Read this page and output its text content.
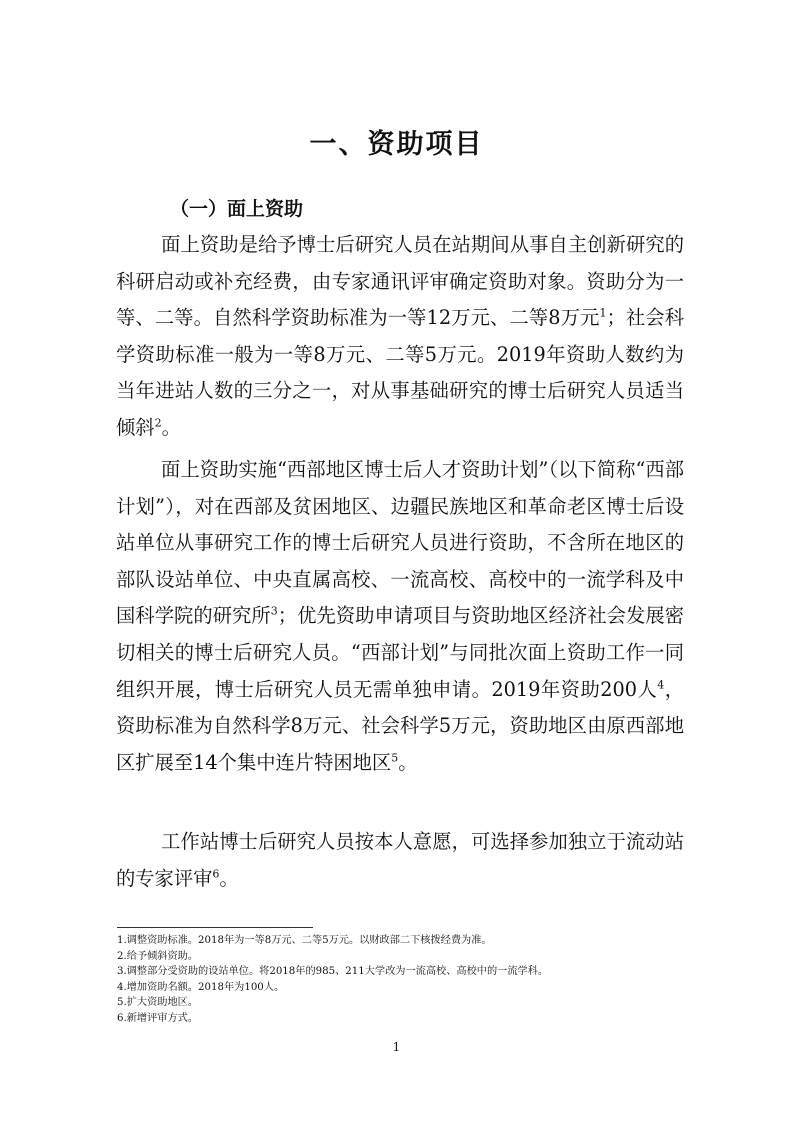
一、资助项目
（一）面上资助

面上资助是给予博士后研究人员在站期间从事自主创新研究的科研启动或补充经费，由专家通讯评审确定资助对象。资助分为一等、二等。自然科学资助标准为一等12万元、二等8万元$^1$；社会科学资助标准一般为一等8万元、二等5万元。2019年资助人数约为当年进站人数的三分之一，对从事基础研究的博士后研究人员适当倾斜$^2$。

面上资助实施“西部地区博士后人才资助计划”（以下简称“西部计划”），对在西部及贫困地区、边疆民族地区和革命老区博士后设站单位从事研究工作的博士后研究人员进行资助，不含所在地区的部队设站单位、中央直属高校、一流高校、高校中的一流学科及中国科学院的研究所$^3$；优先资助申请项目与资助地区经济社会发展密切相关的博士后研究人员。“西部计划”与同批次面上资助工作一同组织开展，博士后研究人员无需单独申请。2019年资助200人$^4$，资助标准为自然科学8万元、社会科学5万元，资助地区由原西部地区扩展至14个集中连片特困地区$^5$。

工作站博士后研究人员按本人意愿，可选择参加独立于流动站的专家评审$^6$。

1.调整资助标准。2018年为一等8万元、二等5万元。以财政部二下核拨经费为准。
2.给予倾斜资助。
3.调整部分受资助的设站单位。将2018年的985、211大学改为一流高校、高校中的一流学科。
4.增加资助名额。2018年为100人。
5.扩大资助地区。
6.新增评审方式。
1
